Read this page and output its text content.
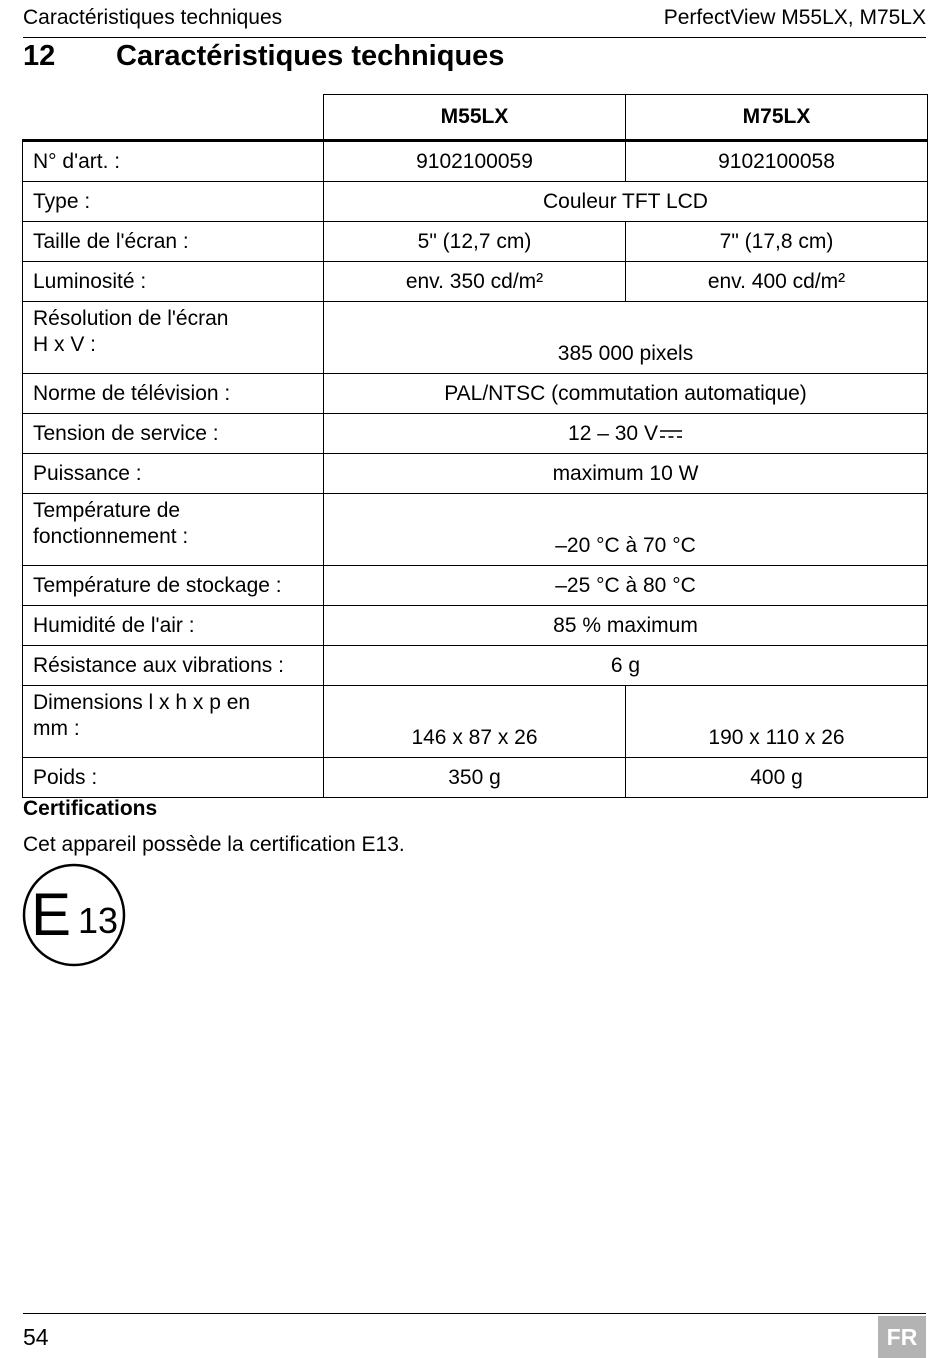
Caractéristiques techniques	PerfectView M55LX, M75LX
12 Caractéristiques techniques
	M55LX	M75LX
N° d'art. :	9102100059	9102100058
Type :	Couleur TFT LCD	
Taille de l'écran :	5" (12,7 cm)	7" (17,8 cm)
Luminosité :	env. 350 cd/m²	env. 400 cd/m²
Résolution de l'écran
H x V :	385 000 pixels	
Norme de télévision :	PAL/NTSC (commutation automatique)	
Tension de service :	12 – 30 V	
Puissance :	maximum 10 W	
Température de
fonctionnement :	–20 °C à 70 °C	
Température de stockage :	–25 °C à 80 °C	
Humidité de l'air :	85 % maximum	
Résistance aux vibrations :	6 g	
Dimensions l x h x p en
mm :	146 x 87 x 26	190 x 110 x 26
Poids :	350 g	400 g
Certifications
Cet appareil possède la certification E13.
E 13
54	FR
